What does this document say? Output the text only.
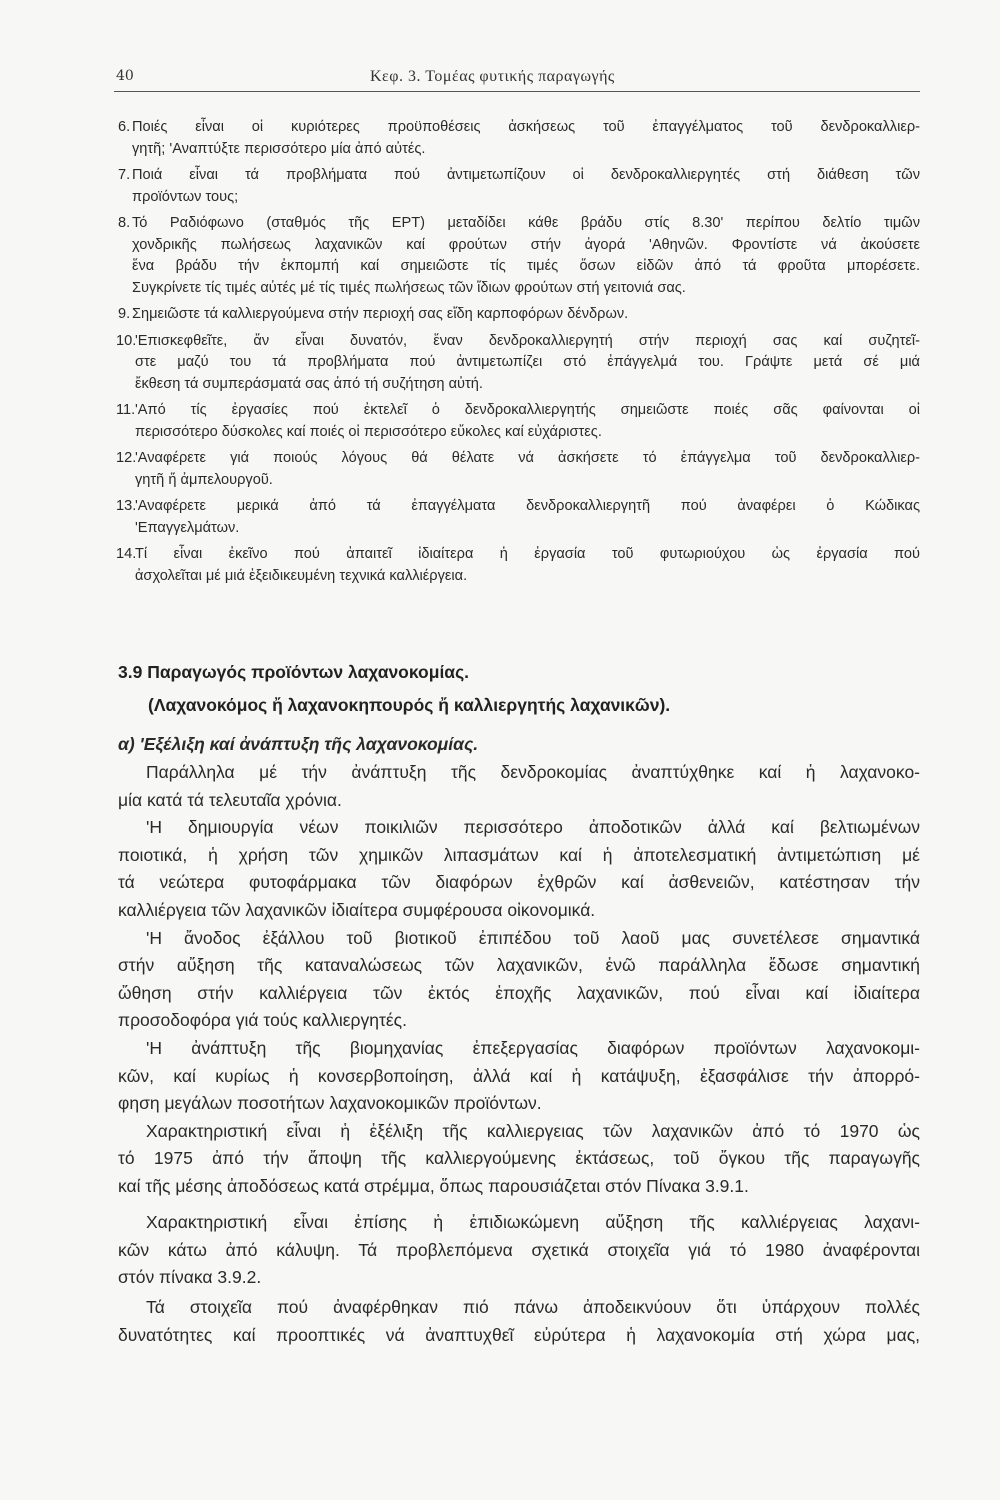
40	Κεφ. 3. Τομέας φυτικής παραγωγής
6. Ποιές εἶναι οἱ κυριότερες προϋποθέσεις ἀσκήσεως τοῦ ἐπαγγέλματος τοῦ δενδροκαλλιερ-
γητῆ; 'Αναπτύξτε περισσότερο μία ἀπό αὐτές.
7. Ποιά εἶναι τά προβλήματα πού ἀντιμετωπίζουν οἱ δενδροκαλλιεργητές στή διάθεση τῶν
προϊόντων τους;
8. Τό Ραδιόφωνο (σταθμός τῆς ΕΡΤ) μεταδίδει κάθε βράδυ στίς 8.30' περίπου δελτίο τιμῶν
χονδρικῆς πωλήσεως λαχανικῶν καί φρούτων στήν ἀγορά 'Αθηνῶν. Φροντίστε νά ἀκούσετε
ἕνα βράδυ τήν ἐκπομπή καί σημειῶστε τίς τιμές ὅσων εἰδῶν ἀπό τά φροῦτα μπορέσετε.
Συγκρίνετε τίς τιμές αὐτές μέ τίς τιμές πωλήσεως τῶν ἴδιων φρούτων στή γειτονιά σας.
9. Σημειῶστε τά καλλιεργούμενα στήν περιοχή σας εἴδη καρποφόρων δένδρων.
10.
'Επισκεφθεῖτε, ἄν εἶναι δυνατόν, ἕναν δενδροκαλλιεργητή στήν περιοχή σας καί συζητεῖ-
στε μαζύ του τά προβλήματα πού ἀντιμετωπίζει στό ἐπάγγελμά του. Γράψτε μετά σέ μιά
ἔκθεση τά συμπεράσματά σας ἀπό τή συζήτηση αὐτή.
11. 'Από τίς ἐργασίες πού ἐκτελεῖ ὁ δενδροκαλλιεργητής σημειῶστε ποιές σᾶς φαίνονται οἱ
περισσότερο δύσκολες καί ποιές οἱ περισσότερο εὔκολες καί εὐχάριστες.
12.
'Αναφέρετε γιά ποιούς λόγους θά θέλατε νά ἀσκήσετε τό ἐπάγγελμα τοῦ δενδροκαλλιερ-
γητῆ ἤ ἀμπελουργοῦ.
13.
'Αναφέρετε μερικά ἀπό τά ἐπαγγέλματα δενδροκαλλιεργητῆ πού ἀναφέρει ὁ Κώδικας
'Επαγγελμάτων.
14.
Τί εἶναι ἐκεῖνο πού ἀπαιτεῖ ἰδιαίτερα ἡ ἐργασία τοῦ φυτωριούχου ὡς ἐργασία πού
ἀσχολεῖται μέ μιά ἐξειδικευμένη τεχνικά καλλιέργεια.
3.9 Παραγωγός προϊόντων λαχανοκομίας.
(Λαχανοκόμος ἤ λαχανοκηπουρός ἤ καλλιεργητής λαχανικῶν).
α) 'Εξέλιξη καί ἀνάπτυξη τῆς λαχανοκομίας.
Παράλληλα μέ τήν ἀνάπτυξη τῆς δενδροκομίας ἀναπτύχθηκε καί ἡ λαχανοκο-
μία κατά τά τελευταῖα χρόνια.
'Η δημιουργία νέων ποικιλιῶν περισσότερο ἀποδοτικῶν ἀλλά καί βελτιωμένων
ποιοτικά, ἡ χρήση τῶν χημικῶν λιπασμάτων καί ἡ ἀποτελεσματική ἀντιμετώπιση μέ
τά νεώτερα φυτοφάρμακα τῶν διαφόρων ἐχθρῶν καί ἀσθενειῶν, κατέστησαν τήν
καλλιέργεια τῶν λαχανικῶν ἰδιαίτερα συμφέρουσα οἰκονομικά.
'Η ἄνοδος ἐξάλλου τοῦ βιοτικοῦ ἐπιπέδου τοῦ λαοῦ μας συνετέλεσε σημαντικά
στήν αὔξηση τῆς καταναλώσεως τῶν λαχανικῶν, ἐνῶ παράλληλα ἔδωσε σημαντική
ὤθηση στήν καλλιέργεια τῶν ἐκτός ἐποχῆς λαχανικῶν, πού εἶναι καί ἰδιαίτερα
προσοδοφόρα γιά τούς καλλιεργητές.
'Η ἀνάπτυξη τῆς βιομηχανίας ἐπεξεργασίας διαφόρων προϊόντων λαχανοκομι-
κῶν, καί κυρίως ἡ κονσερβοποίηση, ἀλλά καί ἡ κατάψυξη, ἐξασφάλισε τήν ἀπορρό-
φηση μεγάλων ποσοτήτων λαχανοκομικῶν προϊόντων.
Χαρακτηριστική εἶναι ἡ ἐξέλιξη τῆς καλλιεργειας τῶν λαχανικῶν ἀπό τό 1970 ὡς
τό 1975 ἀπό τήν ἄποψη τῆς καλλιεργούμενης ἐκτάσεως, τοῦ ὄγκου τῆς παραγωγῆς
καί τῆς μέσης ἀποδόσεως κατά στρέμμα, ὅπως παρουσιάζεται στόν Πίνακα 3.9.1.
Χαρακτηριστική εἶναι ἐπίσης ἡ ἐπιδιωκώμενη αὔξηση τῆς καλλιέργειας λαχανι-
κῶν κάτω ἀπό κάλυψη. Τά προβλεπόμενα σχετικά στοιχεῖα γιά τό 1980 ἀναφέρονται
στόν πίνακα 3.9.2.
Τά στοιχεῖα πού ἀναφέρθηκαν πιό πάνω ἀποδεικνύουν ὅτι ὑπάρχουν πολλές
δυνατότητες καί προοπτικές νά ἀναπτυχθεῖ εὐρύτερα ἡ λαχανοκομία στή χώρα μας,
